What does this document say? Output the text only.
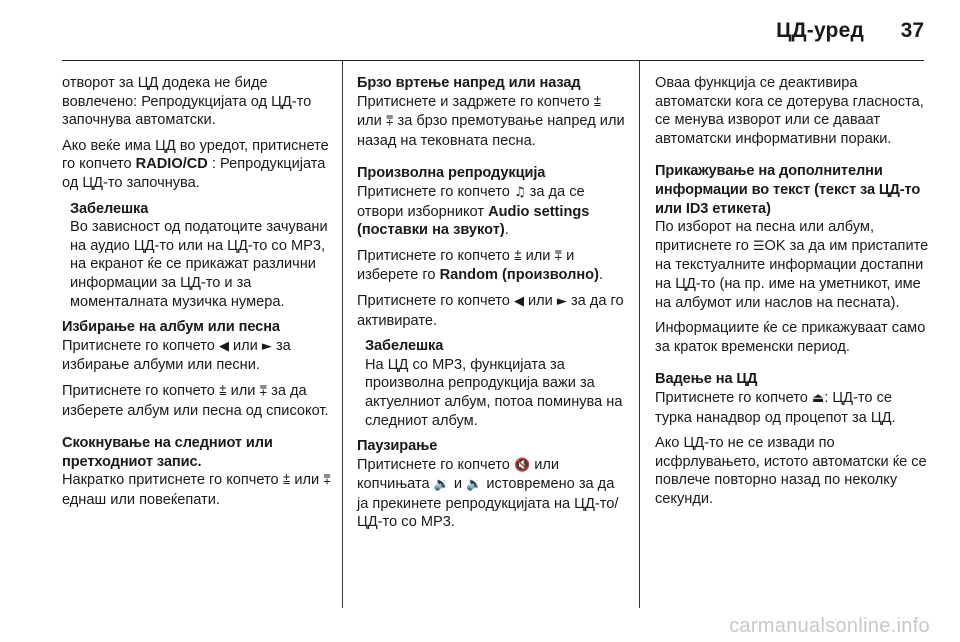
ЦД-уред 37

отворот за ЦД додека не биде вовлечено: Репродукцијата од ЦД-то започнува автоматски.

Ако веќе има ЦД во уредот, притиснете го копчето RADIO/CD : Репродукцијата од ЦД-то започнува.

Забелешка
Во зависност од податоците зачувани на аудио ЦД-то или на ЦД-то со MP3, на екранот ќе се прикажат различни информации за ЦД-то и за моменталната музичка нумера.
Избирање на албум или песна

Притиснете го копчето ◀ или ► за избирање албуми или песни.

Притиснете го копчето ⩲ или ⩱ за да изберете албум или песна од списокот.

Скокнување на следниот или претходниот запис.

Накратко притиснете го копчето ⩲ или ⩱ еднаш или повеќепати.

Брзо вртење напред или назад

Притиснете и задржете го копчето ⩲ или ⩱ за брзо премотување напред или назад на тековната песна.

Произволна репродукција

Притиснете го копчето ♫ за да се отвори изборникот Audio settings (поставки на звукот).

Притиснете го копчето ⩲ или ⩱ и изберете го Random (произволно).

Притиснете го копчето ◀ или ► за да го активирате.

Забелешка
На ЦД со MP3, функцијата за произволна репродукција важи за актуелниот албум, потоа поминува на следниот албум.
Паузирање

Притиснете го копчето 🔇 или копчињата 🔉 и 🔈 истовремено за да ја прекинете репродукцијата на ЦД-то/ЦД-то со MP3.

Оваа функција се деактивира автоматски кога се дотерува гласноста, се менува изворот или се даваат автоматски информативни пораки.

Прикажување на дополнителни информации во текст (текст за ЦД-то или ID3 етикета)

По изборот на песна или албум, притиснете го ☰OK за да им пристапите на текстуалните информации достапни на ЦД-то (на пр. име на уметникот, име на албумот или наслов на песната).

Информациите ќе се прикажуваат само за краток временски период.

Вадење на ЦД

Притиснете го копчето ⏏: ЦД-то се турка нанадвор од процепот за ЦД.

Ако ЦД-то не се извади по исфрлувањето, истото автоматски ќе се повлече повторно назад по неколку секунди.

carmanualsonline.info
